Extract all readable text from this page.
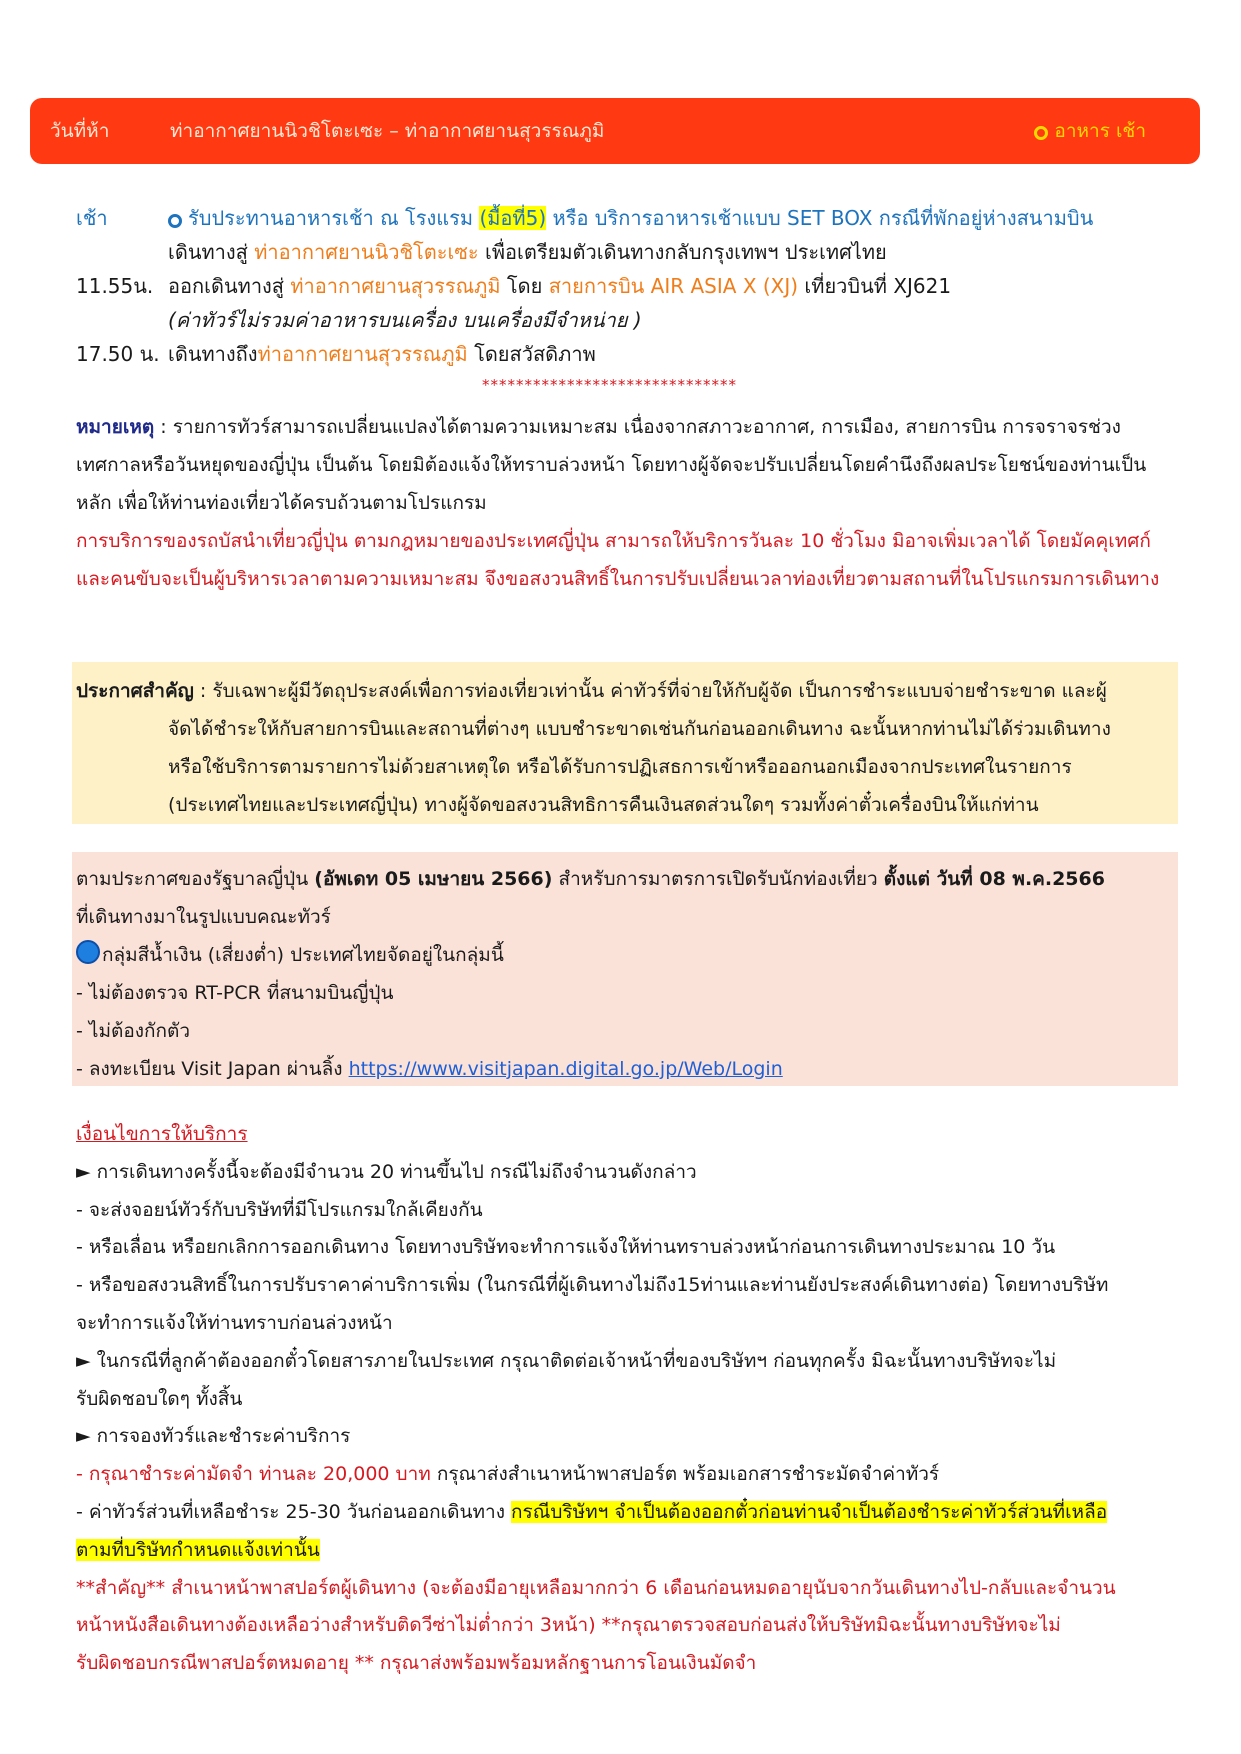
วันที่ห้า	ท่าอากาศยานนิวชิโตะเซะ – ท่าอากาศยานสุวรรณภูมิ	อาหาร เช้า
เช้า	รับประทานอาหารเช้า ณ โรงแรม (มื้อที่5) หรือ บริการอาหารเช้าแบบ SET BOX กรณีที่พักอยู่ห่างสนามบิน
เดินทางสู่ ท่าอากาศยานนิวชิโตะเซะ เพื่อเตรียมตัวเดินทางกลับกรุงเทพฯ ประเทศไทย
11.55น. ออกเดินทางสู่ ท่าอากาศยานสุวรรณภูมิ โดย สายการบิน AIR ASIA X (XJ) เที่ยวบินที่ XJ621
(ค่าทัวร์ไม่รวมค่าอาหารบนเครื่อง บนเครื่องมีจำหน่าย )
17.50 น. เดินทางถึงท่าอากาศยานสุวรรณภูมิ โดยสวัสดิภาพ
******************************
หมายเหตุ : รายการทัวร์สามารถเปลี่ยนแปลงได้ตามความเหมาะสม เนื่องจากสภาวะอากาศ, การเมือง, สายการบิน การจราจรช่วงเทศกาลหรือวันหยุดของญี่ปุ่น เป็นต้น โดยมิต้องแจ้งให้ทราบล่วงหน้า โดยทางผู้จัดจะปรับเปลี่ยนโดยคำนึงถึงผลประโยชน์ของท่านเป็นหลัก เพื่อให้ท่านท่องเที่ยวได้ครบถ้วนตามโปรแกรม
การบริการของรถบัสนำเที่ยวญี่ปุ่น ตามกฎหมายของประเทศญี่ปุ่น สามารถให้บริการวันละ 10 ชั่วโมง มิอาจเพิ่มเวลาได้ โดยมัคคุเทศก์และคนขับจะเป็นผู้บริหารเวลาตามความเหมาะสม จึงขอสงวนสิทธิ์ในการปรับเปลี่ยนเวลาท่องเที่ยวตามสถานที่ในโปรแกรมการเดินทาง
ประกาศสำคัญ : รับเฉพาะผู้มีวัตถุประสงค์เพื่อการท่องเที่ยวเท่านั้น ค่าทัวร์ที่จ่ายให้กับผู้จัด เป็นการชำระแบบจ่ายชำระขาด และผู้
จัดได้ชำระให้กับสายการบินและสถานที่ต่างๆ แบบชำระขาดเช่นกันก่อนออกเดินทาง ฉะนั้นหากท่านไม่ได้ร่วมเดินทาง
หรือใช้บริการตามรายการไม่ด้วยสาเหตุใด หรือได้รับการปฏิเสธการเข้าหรือออกนอกเมืองจากประเทศในรายการ
(ประเทศไทยและประเทศญี่ปุ่น) ทางผู้จัดขอสงวนสิทธิการคืนเงินสดส่วนใดๆ รวมทั้งค่าตั๋วเครื่องบินให้แก่ท่าน
ตามประกาศของรัฐบาลญี่ปุ่น (อัพเดท 05 เมษายน 2566) สำหรับการมาตรการเปิดรับนักท่องเที่ยว ตั้งแต่ วันที่ 08 พ.ค.2566
ที่เดินทางมาในรูปแบบคณะทัวร์
กลุ่มสีน้ำเงิน (เสี่ยงต่ำ) ประเทศไทยจัดอยู่ในกลุ่มนี้
- ไม่ต้องตรวจ RT-PCR ที่สนามบินญี่ปุ่น
- ไม่ต้องกักตัว
- ลงทะเบียน Visit Japan ผ่านลิ้ง https://www.visitjapan.digital.go.jp/Web/Login
เงื่อนไขการให้บริการ
► การเดินทางครั้งนี้จะต้องมีจำนวน 20 ท่านขึ้นไป กรณีไม่ถึงจำนวนดังกล่าว
- จะส่งจอยน์ทัวร์กับบริษัทที่มีโปรแกรมใกล้เคียงกัน
- หรือเลื่อน หรือยกเลิกการออกเดินทาง โดยทางบริษัทจะทำการแจ้งให้ท่านทราบล่วงหน้าก่อนการเดินทางประมาณ 10 วัน
- หรือขอสงวนสิทธิ์ในการปรับราคาค่าบริการเพิ่ม (ในกรณีที่ผู้เดินทางไม่ถึง15ท่านและท่านยังประสงค์เดินทางต่อ) โดยทางบริษัท
จะทำการแจ้งให้ท่านทราบก่อนล่วงหน้า
► ในกรณีที่ลูกค้าต้องออกตั๋วโดยสารภายในประเทศ กรุณาติดต่อเจ้าหน้าที่ของบริษัทฯ ก่อนทุกครั้ง มิฉะนั้นทางบริษัทจะไม่
รับผิดชอบใดๆ ทั้งสิ้น
► การจองทัวร์และชำระค่าบริการ
- กรุณาชำระค่ามัดจำ ท่านละ 20,000 บาท กรุณาส่งสำเนาหน้าพาสปอร์ต พร้อมเอกสารชำระมัดจำค่าทัวร์
- ค่าทัวร์ส่วนที่เหลือชำระ 25-30 วันก่อนออกเดินทาง กรณีบริษัทฯ จำเป็นต้องออกตั๋วก่อนท่านจำเป็นต้องชำระค่าทัวร์ส่วนที่เหลือ
ตามที่บริษัทกำหนดแจ้งเท่านั้น
**สำคัญ** สำเนาหน้าพาสปอร์ตผู้เดินทาง (จะต้องมีอายุเหลือมากกว่า 6 เดือนก่อนหมดอายุนับจากวันเดินทางไป-กลับและจำนวน
หน้าหนังสือเดินทางต้องเหลือว่างสำหรับติดวีซ่าไม่ต่ำกว่า 3หน้า) **กรุณาตรวจสอบก่อนส่งให้บริษัทมิฉะนั้นทางบริษัทจะไม่
รับผิดชอบกรณีพาสปอร์ตหมดอายุ ** กรุณาส่งพร้อมพร้อมหลักฐานการโอนเงินมัดจำ
